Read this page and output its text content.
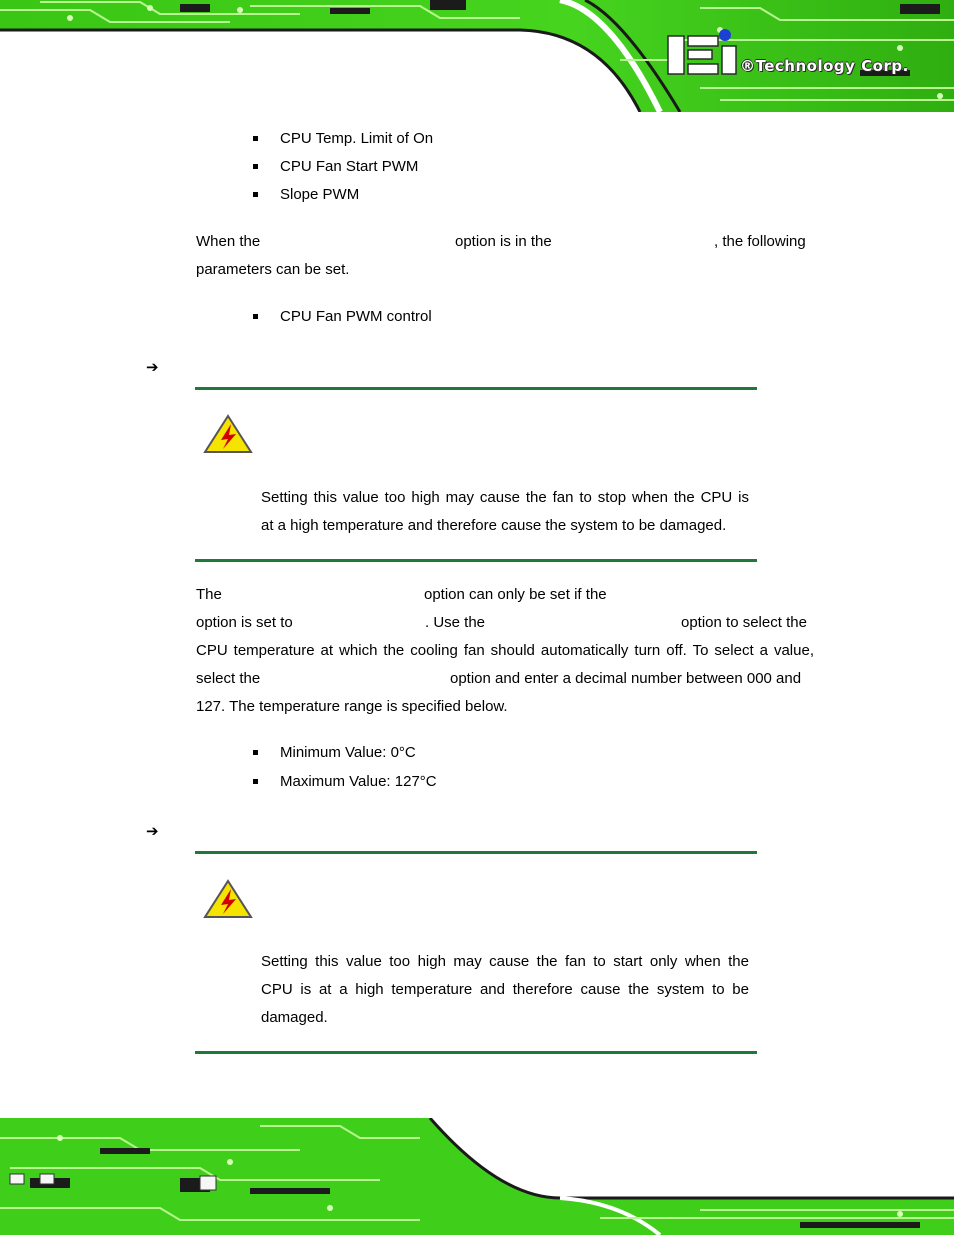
®Technology Corp.
CPU Temp. Limit of On
CPU Fan Start PWM
Slope PWM
When the	option is in the	, the following
parameters can be set.
CPU Fan PWM control
➔
Setting this value too high may cause the fan to stop when the CPU is
at a high temperature and therefore cause the system to be damaged.
The	option can only be set if the
option is set to	. Use the	option to select the
CPU temperature at which the cooling fan should automatically turn off. To select a value,
select the	option and enter a decimal number between 000 and
127. The temperature range is specified below.
Minimum Value: 0°C
Maximum Value: 127°C
➔
Setting this value too high may cause the fan to start only when the
CPU is at a high temperature and therefore cause the system to be
damaged.
